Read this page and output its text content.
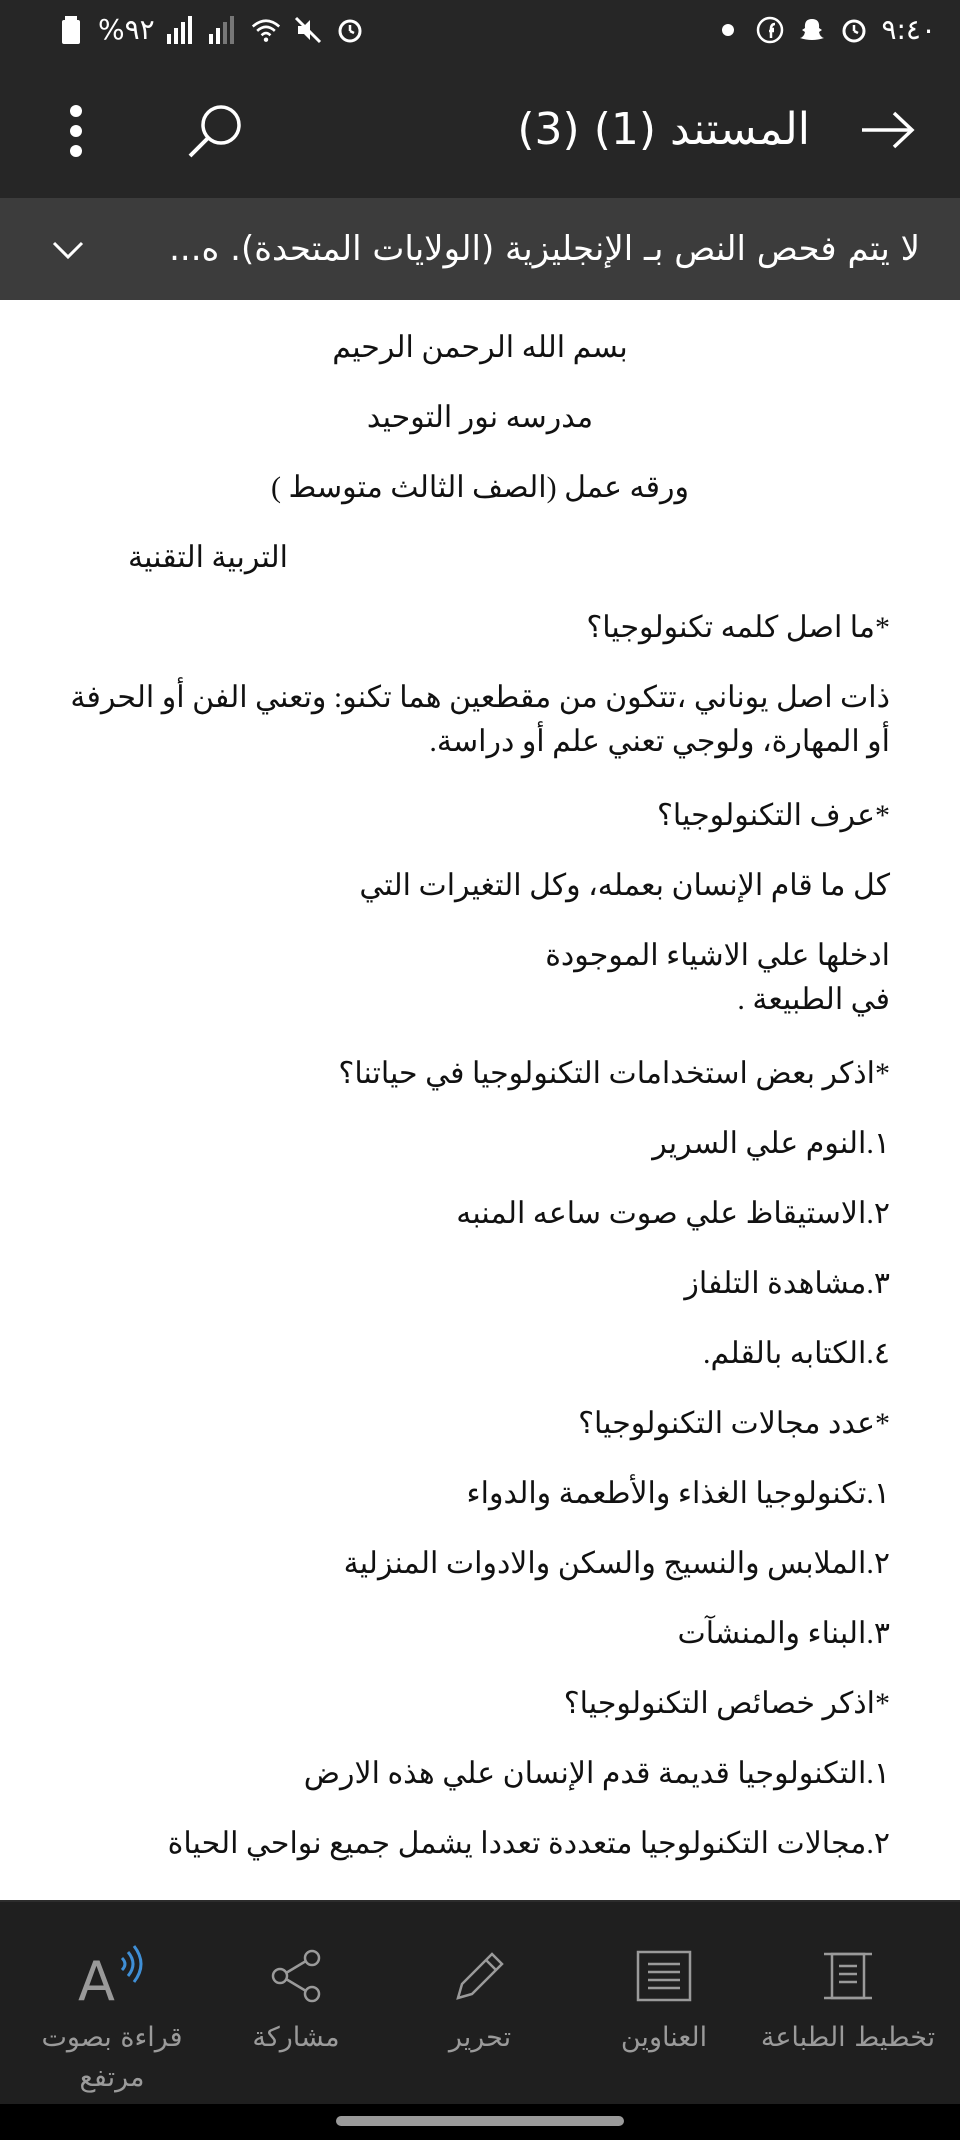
%٩٢	٩:٤٠
المستند (1) (3)
لا يتم فحص النص بـ الإنجليزية (الولايات المتحدة). ه...
بسم الله الرحمن الرحيم
مدرسه نور التوحيد
ورقه عمل (الصف الثالث متوسط )
التربية التقنية
*ما اصل كلمه تكنولوجيا؟
ذات اصل يوناني ،تتكون من مقطعين هما تكنو: وتعني الفن أو الحرفة
أو المهارة، ولوجي تعني علم أو دراسة.
*عرف التكنولوجيا؟
كل ما قام الإنسان بعمله، وكل التغيرات التي
ادخلها علي الاشياء الموجودة
في الطبيعة .
*اذكر بعض استخدامات التكنولوجيا في حياتنا؟
١.النوم علي السرير
٢.الاستيقاظ علي صوت ساعه المنبه
٣.مشاهدة التلفاز
٤.الكتابه بالقلم.
*عدد مجالات التكنولوجيا؟
١.تكنولوجيا الغذاء والأطعمة والدواء
٢.الملابس والنسيج والسكن والادوات المنزلية
٣.البناء والمنشآت
*اذكر خصائص التكنولوجيا؟
١.التكنولوجيا قديمة قدم الإنسان علي هذه الارض
٢.مجالات التكنولوجيا متعددة تعددا يشمل جميع نواحي الحياة
تخطيط الطباعة
العناوين
تحرير
مشاركة
A
قراءة بصوت
مرتفع
